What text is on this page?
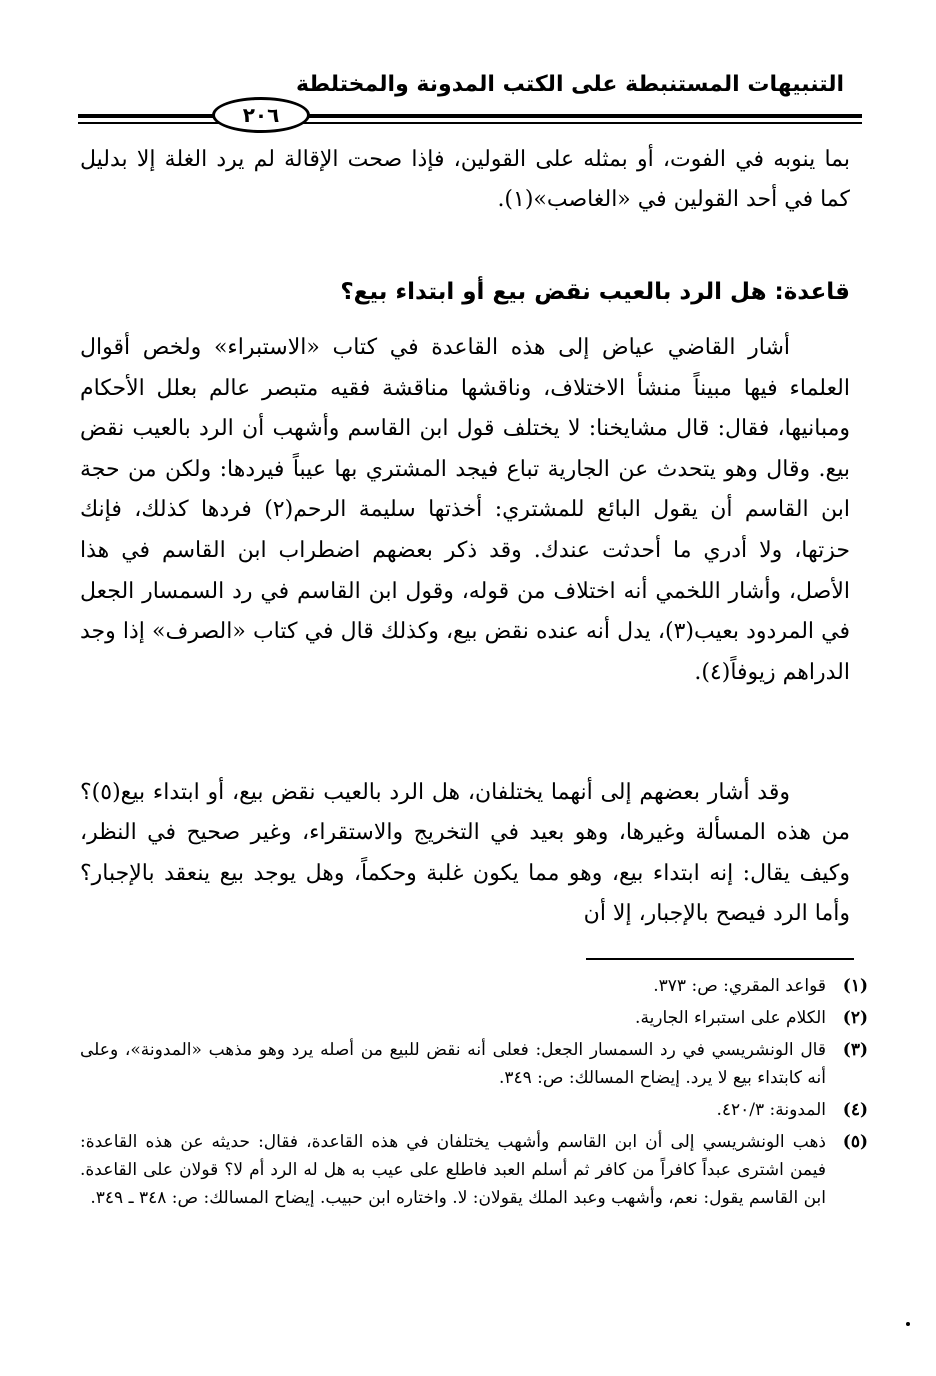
التنبيهات المستنبطة على الكتب المدونة والمختلطة
٢٠٦

بما ينوبه في الفوت، أو بمثله على القولين، فإذا صحت الإقالة لم يرد الغلة إلا بدليل كما في أحد القولين في «الغاصب»(١).

قاعدة: هل الرد بالعيب نقض بيع أو ابتداء بيع؟

أشار القاضي عياض إلى هذه القاعدة في كتاب «الاستبراء» ولخص أقوال العلماء فيها مبيناً منشأ الاختلاف، وناقشها مناقشة فقيه متبصر عالم بعلل الأحكام ومبانيها، فقال: قال مشايخنا: لا يختلف قول ابن القاسم وأشهب أن الرد بالعيب نقض بيع. وقال وهو يتحدث عن الجارية تباع فيجد المشتري بها عيباً فيردها: ولكن من حجة ابن القاسم أن يقول البائع للمشتري: أخذتها سليمة الرحم(٢) فردها كذلك، فإنك حزتها، ولا أدري ما أحدثت عندك. وقد ذكر بعضهم اضطراب ابن القاسم في هذا الأصل، وأشار اللخمي أنه اختلاف من قوله، وقول ابن القاسم في رد السمسار الجعل في المردود بعيب(٣)، يدل أنه عنده نقض بيع، وكذلك قال في كتاب «الصرف» إذا وجد الدراهم زيوفاً(٤).

وقد أشار بعضهم إلى أنهما يختلفان، هل الرد بالعيب نقض بيع، أو ابتداء بيع(٥)؟ من هذه المسألة وغيرها، وهو بعيد في التخريج والاستقراء، وغير صحيح في النظر، وكيف يقال: إنه ابتداء بيع، وهو مما يكون غلبة وحكماً، وهل يوجد بيع ينعقد بالإجبار؟ وأما الرد فيصح بالإجبار، إلا أن

(١)
قواعد المقري: ص: ٣٧٣.
(٢)
الكلام على استبراء الجارية.
(٣)
قال الونشريسي في رد السمسار الجعل: فعلى أنه نقض للبيع من أصله يرد وهو مذهب «المدونة»، وعلى أنه كابتداء بيع لا يرد. إيضاح المسالك: ص: ٣٤٩.
(٤)
المدونة: ٤٢٠/٣.
(٥)
ذهب الونشريسي إلى أن ابن القاسم وأشهب يختلفان في هذه القاعدة، فقال: حديثه عن هذه القاعدة: فيمن اشترى عبداً كافراً من كافر ثم أسلم العبد فاطلع على عيب به هل له الرد أم لا؟ قولان على القاعدة. ابن القاسم يقول: نعم، وأشهب وعبد الملك يقولان: لا. واختاره ابن حبيب. إيضاح المسالك: ص: ٣٤٨ ـ ٣٤٩.
